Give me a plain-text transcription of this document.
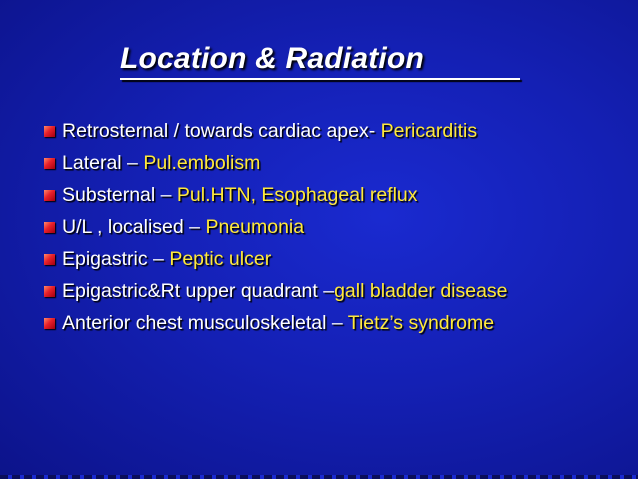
Location & Radiation
Retrosternal / towards cardiac apex- Pericarditis
Lateral – Pul.embolism
Substernal – Pul.HTN, Esophageal reflux
U/L , localised – Pneumonia
Epigastric – Peptic ulcer
Epigastric&Rt upper quadrant –gall bladder disease
Anterior chest musculoskeletal – Tietz’s syndrome
